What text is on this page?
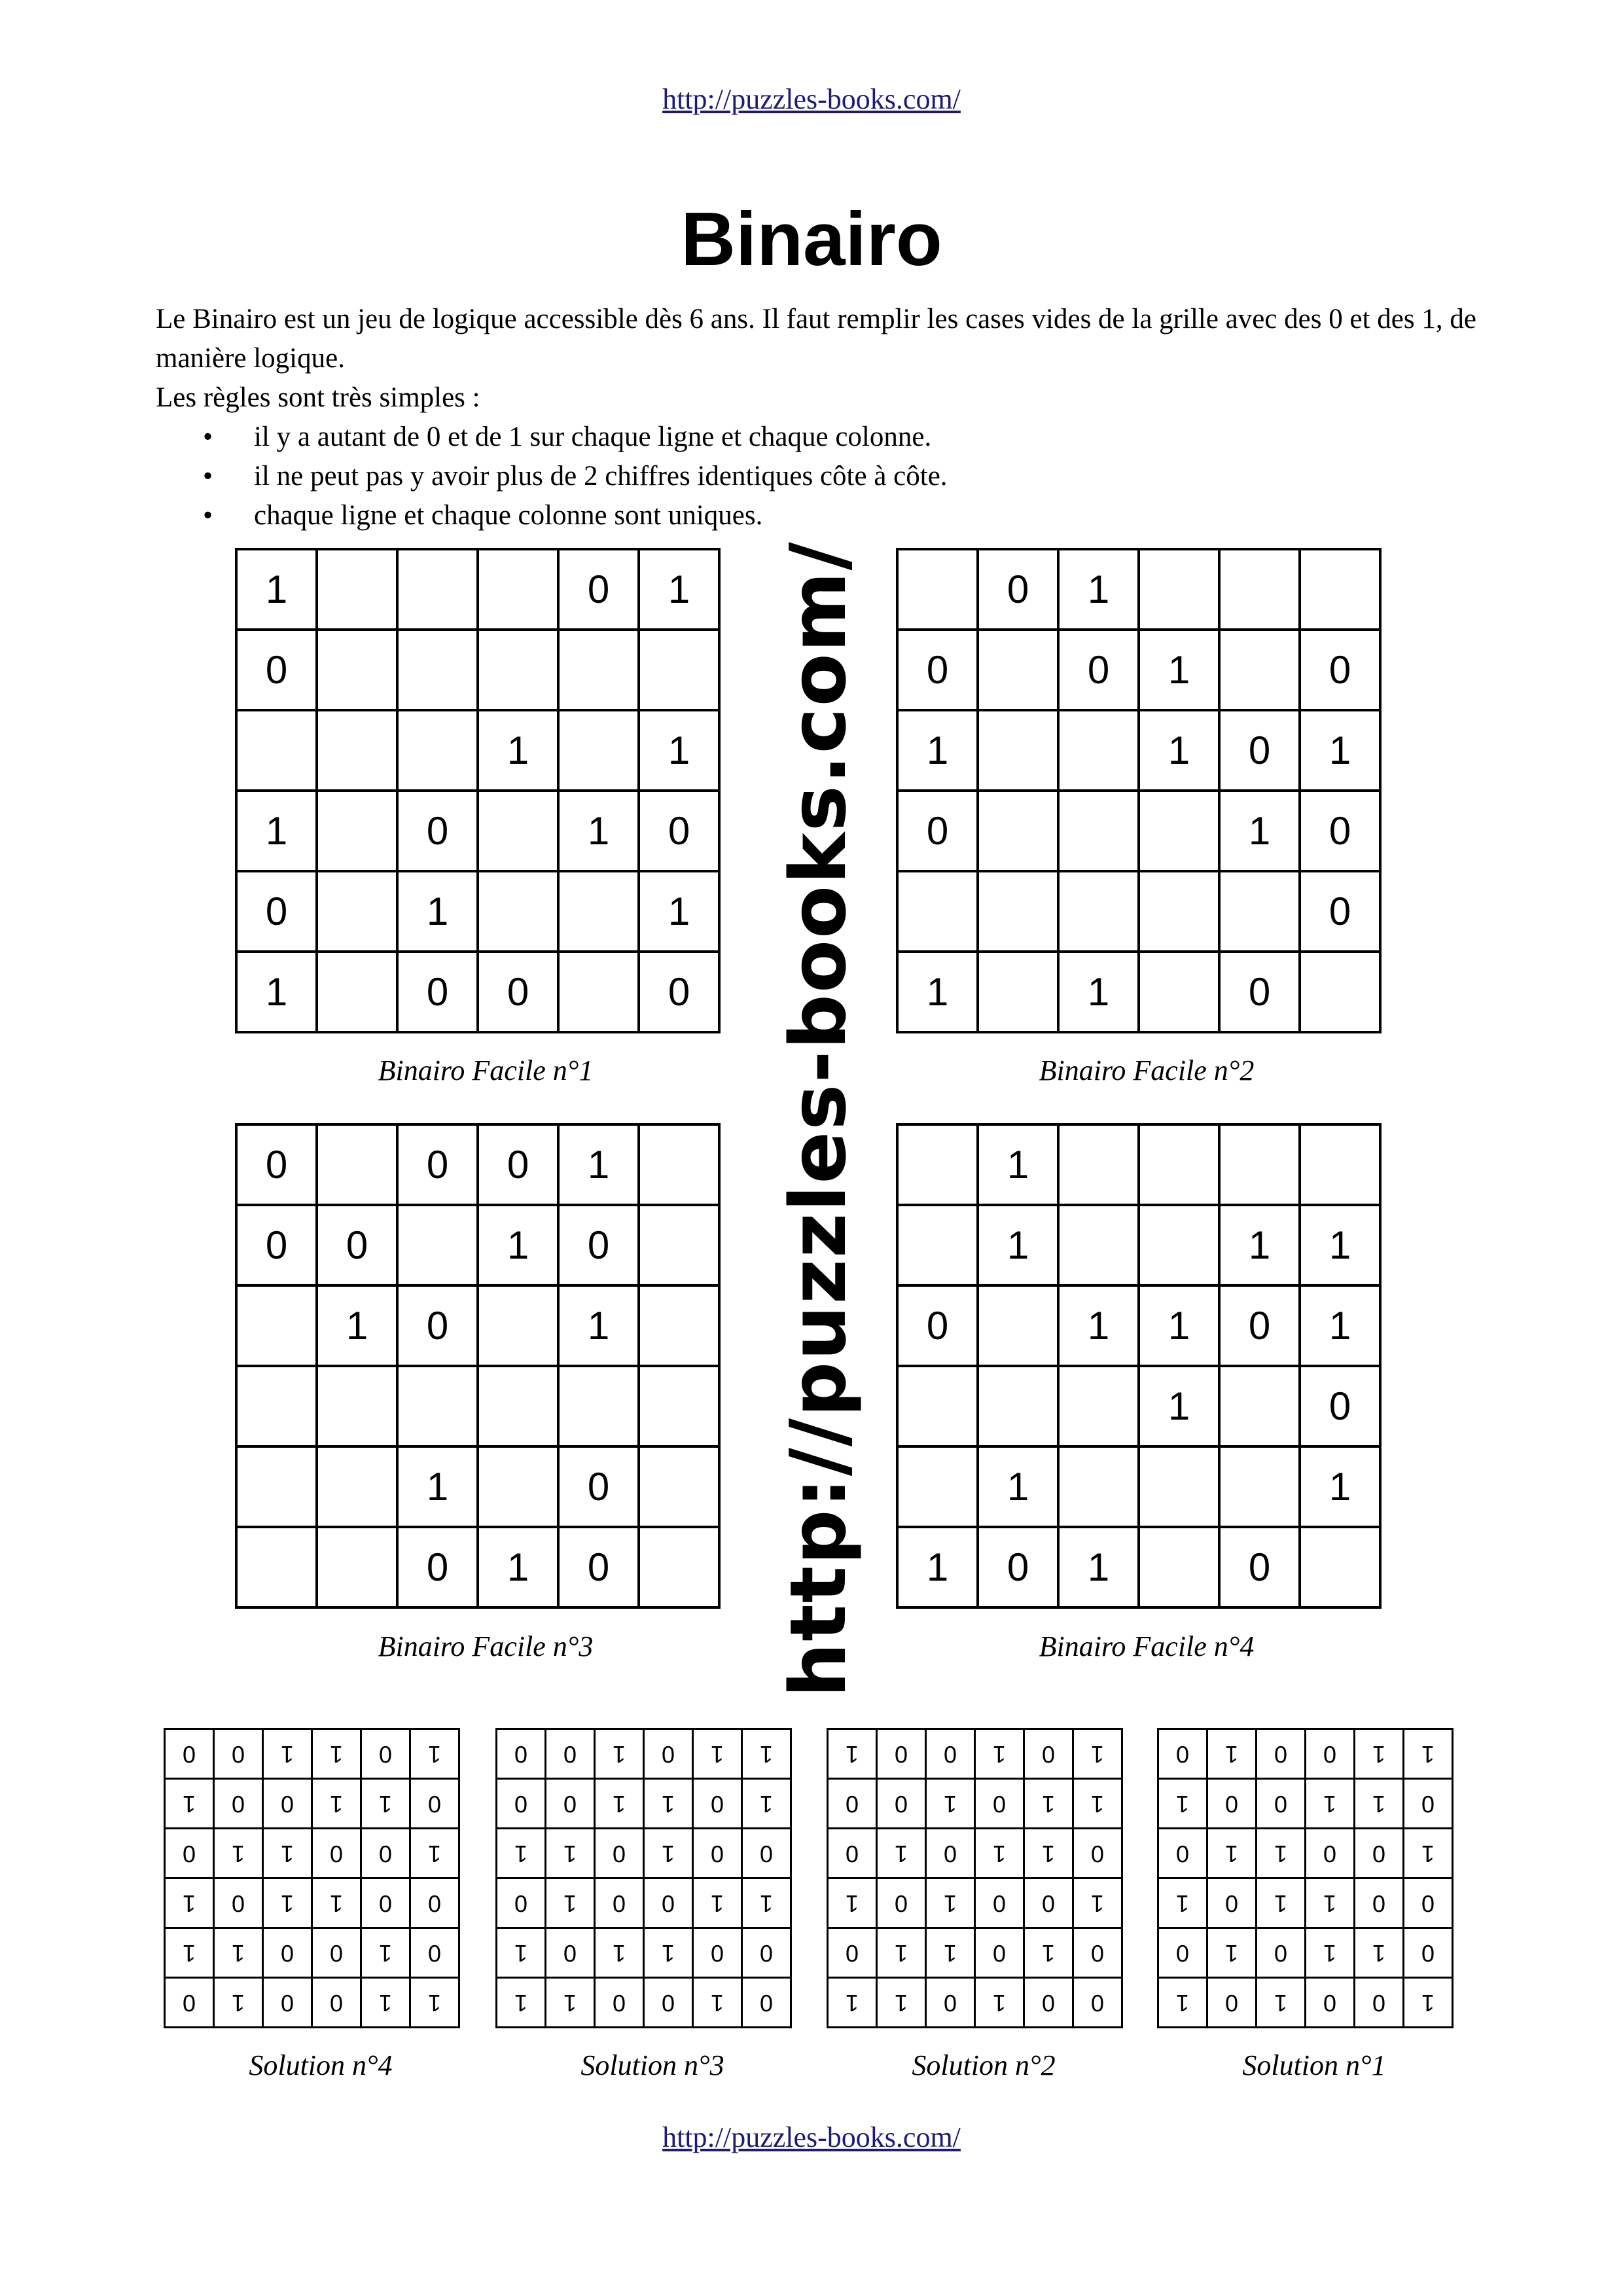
http://puzzles-books.com/
Binairo

Le Binairo est un jeu de logique accessible dès 6 ans. Il faut remplir les cases vides de la grille avec des 0 et des 1, de manière logique.

Les règles sont très simples :

• il y a autant de 0 et de 1 sur chaque ligne et chaque colonne.
• il ne peut pas y avoir plus de 2 chiffres identiques côte à côte.
• chaque ligne et chaque colonne sont uniques.
1				0	1
0					
			1		1
1		0		1	0
0		1			1
1		0	0		0
Binairo Facile n°1
	0	1			
0		0	1		0
1			1	0	1
0				1	0
					0
1		1		0	
Binairo Facile n°2
0		0	0	1	
0	0		1	0	
	1	0		1	

		1		0	
		0	1	0	
Binairo Facile n°3
	1				
	1			1	1
0		1	1	0	1
			1		0
	1				1
1	0	1		0	
Binairo Facile n°4
http://puzzles-books.com/
0	0	1	1	0	1
1	0	0	1	1	0
0	1	1	0	0	1
1	0	1	1	0	0
1	1	0	0	1	0
0	1	0	0	1	1
Solution n°4
0	0	1	0	1	1
0	0	1	1	0	1
1	1	0	1	0	0
0	1	0	0	1	1
1	0	1	1	0	0
1	1	0	0	1	0
Solution n°3
1	0	0	1	0	1
0	0	1	0	1	1
0	1	0	1	1	0
1	0	1	0	0	1
0	1	1	0	1	0
1	1	0	1	0	0
Solution n°2
0	1	0	0	1	1
1	0	0	1	1	0
0	1	1	0	0	1
1	0	1	1	0	0
0	1	0	1	1	0
1	0	1	0	0	1
Solution n°1
http://puzzles-books.com/
